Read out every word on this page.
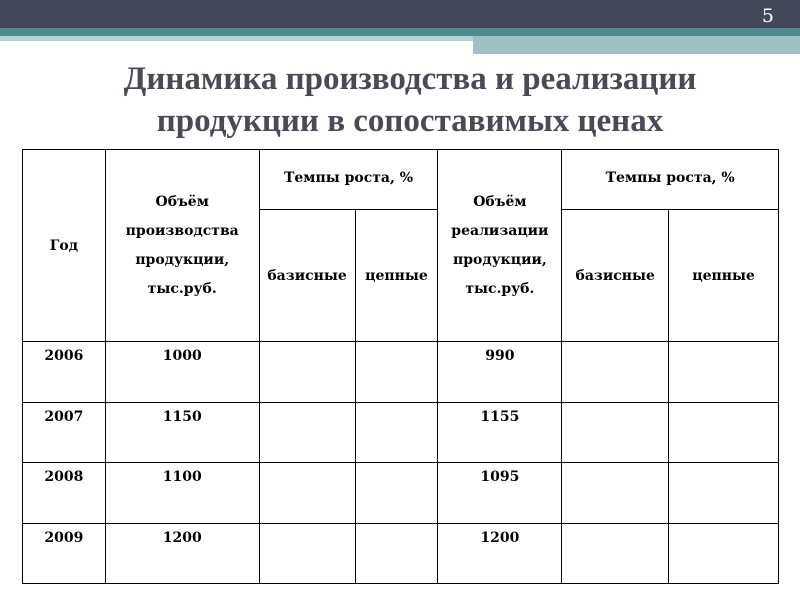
5
Динамика производства и реализации продукции в сопоставимых ценах
Год	Объём производства продукции, тыс.руб.	Темпы роста, %		Объём реализации продукции, тыс.руб.	Темпы роста, %	
		базисные	цепные		базисные	цепные
2006	1000			990		
2007	1150			1155		
2008	1100			1095		
2009	1200			1200		
